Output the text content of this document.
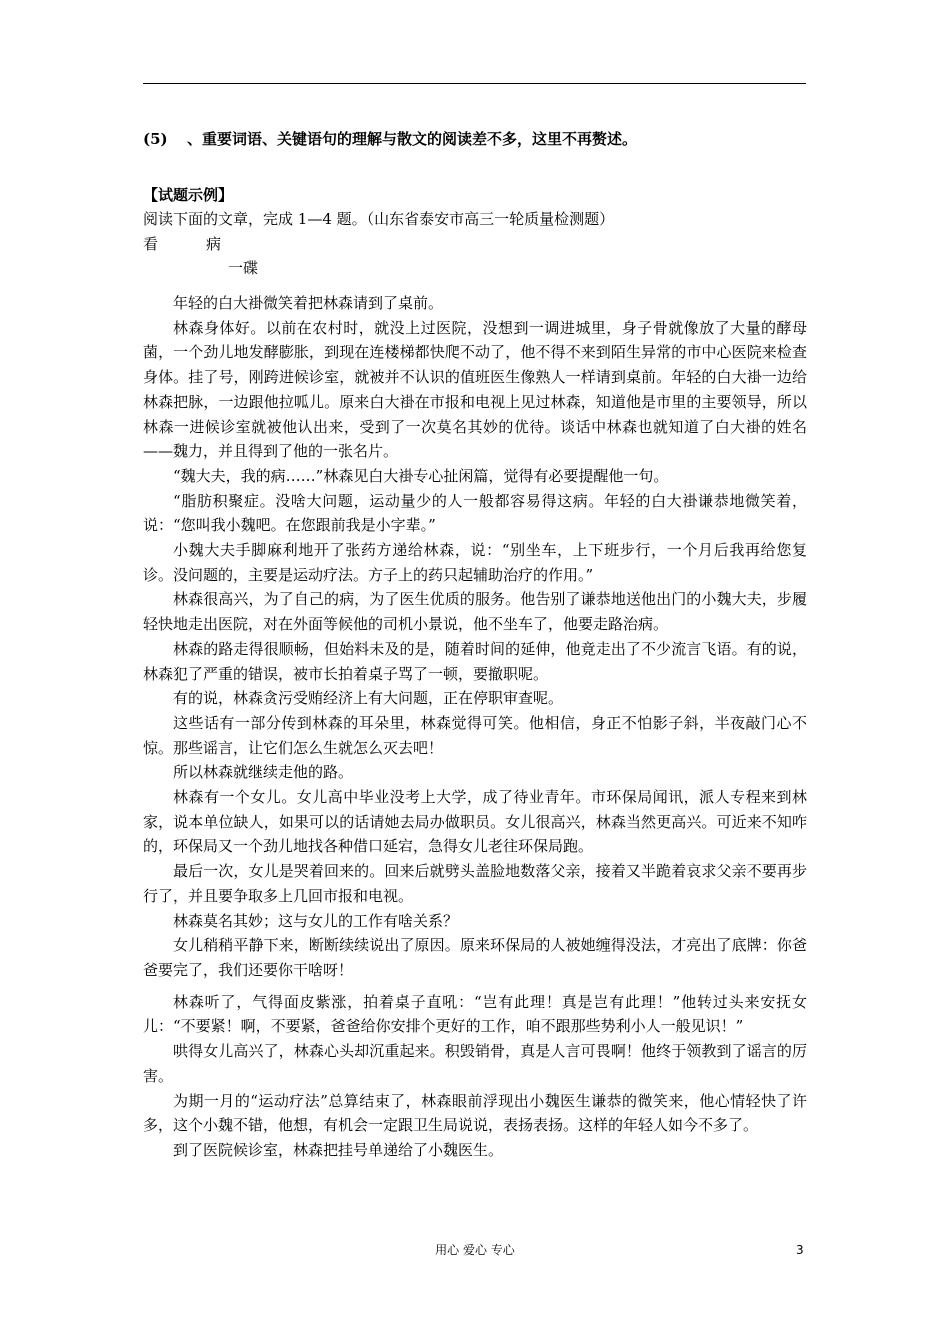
(5) 、重要词语、关键语句的理解与散文的阅读差不多，这里不再赘述。
【试题示例】
阅读下面的文章，完成 1—4 题。（山东省泰安市高三一轮质量检测题）
看	病
一碟

年轻的白大褂微笑着把林森请到了桌前。

林森身体好。以前在农村时，就没上过医院，没想到一调进城里，身子骨就像放了大量的酵母菌，一个劲儿地发酵膨胀，到现在连楼梯都快爬不动了，他不得不来到陌生异常的市中心医院来检查身体。挂了号，刚跨进候诊室，就被并不认识的值班医生像熟人一样请到桌前。年轻的白大褂一边给林森把脉，一边跟他拉呱儿。原来白大褂在市报和电视上见过林森，知道他是市里的主要领导，所以林森一进候诊室就被他认出来，受到了一次莫名其妙的优待。谈话中林森也就知道了白大褂的姓名——魏力，并且得到了他的一张名片。

“魏大夫，我的病……”林森见白大褂专心扯闲篇，觉得有必要提醒他一句。

“脂肪积聚症。没啥大问题，运动量少的人一般都容易得这病。年轻的白大褂谦恭地微笑着，说：“您叫我小魏吧。在您跟前我是小字辈。”

小魏大夫手脚麻利地开了张药方递给林森，说：“别坐车，上下班步行，一个月后我再给您复诊。没问题的，主要是运动疗法。方子上的药只起辅助治疗的作用。”

林森很高兴，为了自己的病，为了医生优质的服务。他告别了谦恭地送他出门的小魏大夫，步履轻快地走出医院，对在外面等候他的司机小景说，他不坐车了，他要走路治病。

林森的路走得很顺畅，但始料未及的是，随着时间的延伸，他竟走出了不少流言飞语。有的说，林森犯了严重的错误，被市长拍着桌子骂了一顿，要撤职呢。

有的说，林森贪污受贿经济上有大问题，正在停职审查呢。

这些话有一部分传到林森的耳朵里，林森觉得可笑。他相信，身正不怕影子斜，半夜敲门心不惊。那些谣言，让它们怎么生就怎么灭去吧！

所以林森就继续走他的路。

林森有一个女儿。女儿高中毕业没考上大学，成了待业青年。市环保局闻讯，派人专程来到林家，说本单位缺人，如果可以的话请她去局办做职员。女儿很高兴，林森当然更高兴。可近来不知咋的，环保局又一个劲儿地找各种借口延宕，急得女儿老往环保局跑。

最后一次，女儿是哭着回来的。回来后就劈头盖脸地数落父亲，接着又半跪着哀求父亲不要再步行了，并且要争取多上几回市报和电视。

林森莫名其妙；这与女儿的工作有啥关系？

女儿稍稍平静下来，断断续续说出了原因。原来环保局的人被她缠得没法，才亮出了底牌：你爸爸要完了，我们还要你干啥呀！

林森听了，气得面皮紫涨，拍着桌子直吼：“岂有此理！真是岂有此理！”他转过头来安抚女儿：“不要紧！啊，不要紧，爸爸给你安排个更好的工作，咱不跟那些势利小人一般见识！”

哄得女儿高兴了，林森心头却沉重起来。积毁销骨，真是人言可畏啊！他终于领教到了谣言的厉害。

为期一月的“运动疗法”总算结束了，林森眼前浮现出小魏医生谦恭的微笑来，他心情轻快了许多，这个小魏不错，他想，有机会一定跟卫生局说说，表扬表扬。这样的年轻人如今不多了。

到了医院候诊室，林森把挂号单递给了小魏医生。

用心 爱心 专心	3
